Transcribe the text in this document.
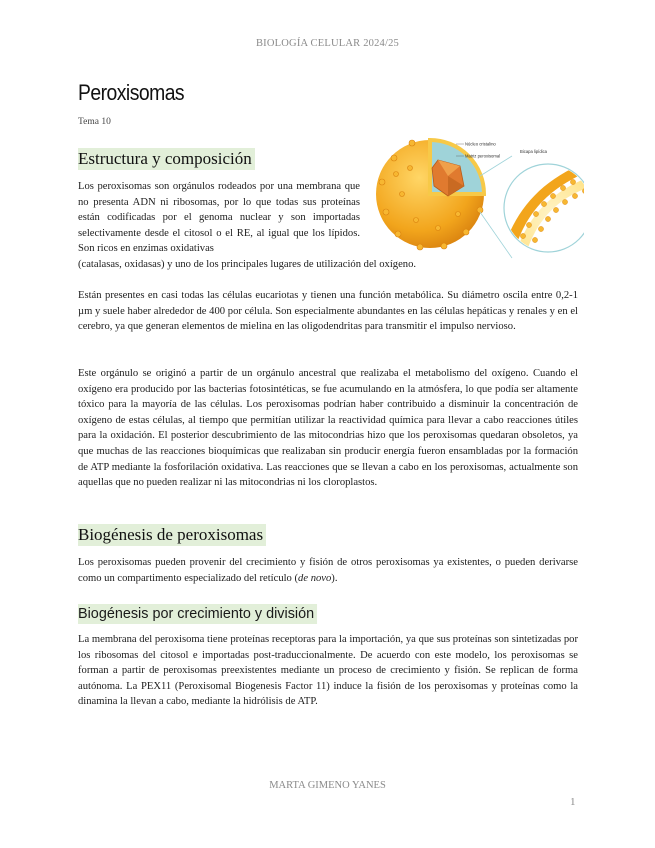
BIOLOGÍA CELULAR 2024/25
Peroxisomas
Tema 10
Estructura y composición

Los peroxisomas son orgánulos rodeados por una membrana que no presenta ADN ni ribosomas, por lo que todas sus proteínas están codificadas por el genoma nuclear y son importadas selectivamente desde el citosol o el RE, al igual que los lípidos. Son ricos en enzimas oxidativas

(catalasas, oxidasas) y uno de los principales lugares de utilización del oxígeno.

Núcleo cristalino
Matriz peroxisomal
Bicapa lipídica

Están presentes en casi todas las células eucariotas y tienen una función metabólica. Su diámetro oscila entre 0,2-1 µm y suele haber alrededor de 400 por célula. Son especialmente abundantes en las células hepáticas y renales y en el cerebro, ya que generan elementos de mielina en las oligodendritas para transmitir el impulso nervioso.

Este orgánulo se originó a partir de un orgánulo ancestral que realizaba el metabolismo del oxígeno. Cuando el oxígeno era producido por las bacterias fotosintéticas, se fue acumulando en la atmósfera, lo que podía ser altamente tóxico para la mayoría de las células. Los peroxisomas podrían haber contribuido a disminuir la concentración de oxígeno de estas células, al tiempo que permitían utilizar la reactividad química para llevar a cabo reacciones útiles para la oxidación. El posterior descubrimiento de las mitocondrias hizo que los peroxisomas quedaran obsoletos, ya que muchas de las reacciones bioquímicas que realizaban sin producir energía fueron ensambladas por la formación de ATP mediante la fosforilación oxidativa. Las reacciones que se llevan a cabo en los peroxisomas, actualmente son aquellas que no pueden realizar ni las mitocondrias ni los cloroplastos.

Biogénesis de peroxisomas

Los peroxisomas pueden provenir del crecimiento y fisión de otros peroxisomas ya existentes, o pueden derivarse como un compartimento especializado del retículo (de novo).

Biogénesis por crecimiento y división

La membrana del peroxisoma tiene proteínas receptoras para la importación, ya que sus proteínas son sintetizadas por los ribosomas del citosol e importadas post-traduccionalmente. De acuerdo con este modelo, los peroxisomas se forman a partir de peroxisomas preexistentes mediante un proceso de crecimiento y fisión. Se replican de forma autónoma. La PEX11 (Peroxisomal Biogenesis Factor 11) induce la fisión de los peroxisomas y proteínas como la dinamina la llevan a cabo, mediante la hidrólisis de ATP.

MARTA GIMENO YANES
1
